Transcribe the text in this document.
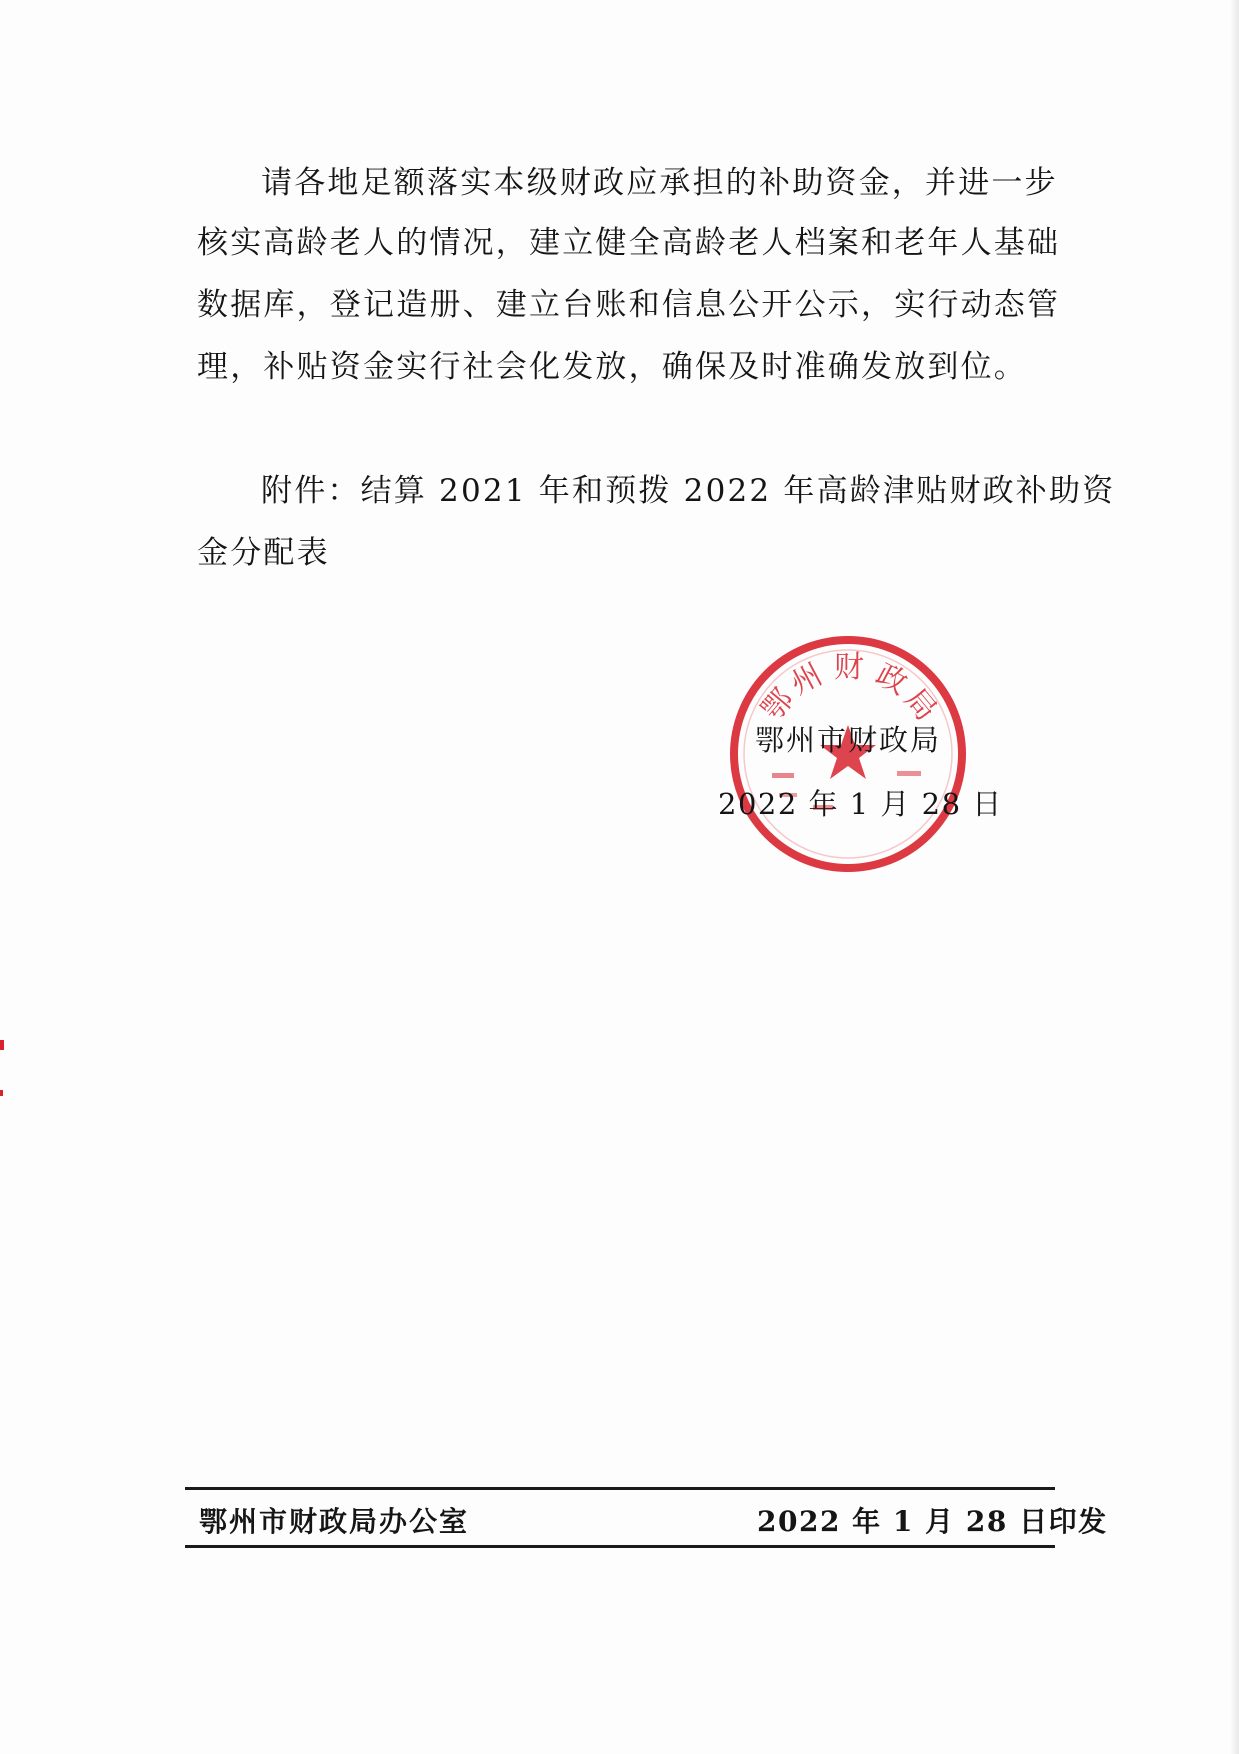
请各地足额落实本级财政应承担的补助资金，并进一步
核实高龄老人的情况，建立健全高龄老人档案和老年人基础
数据库，登记造册、建立台账和信息公开公示，实行动态管
理，补贴资金实行社会化发放，确保及时准确发放到位。
附件：结算 2021 年和预拨 2022 年高龄津贴财政补助资
金分配表
鄂
州 财 政
局
鄂州市财政局
2022 年 1 月 28 日
鄂州市财政局办公室	2022 年 1 月 28 日印发
